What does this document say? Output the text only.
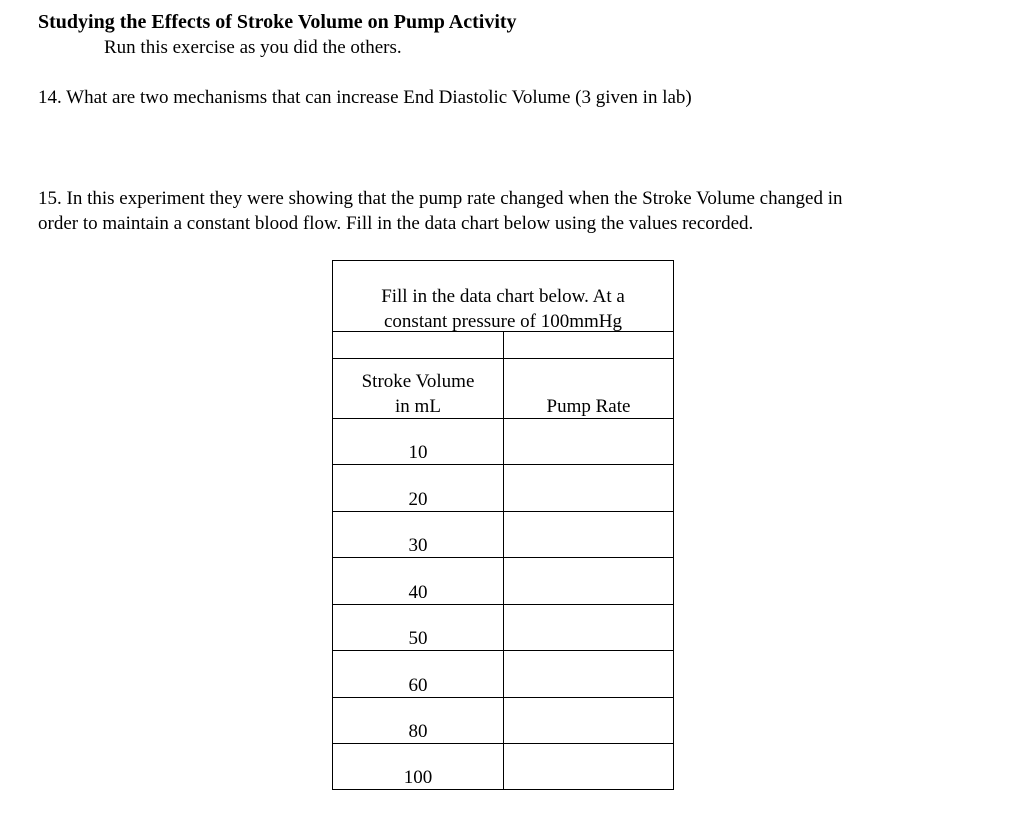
Studying the Effects of Stroke Volume on Pump Activity
Run this exercise as you did the others.
14. What are two mechanisms that can increase End Diastolic Volume (3 given in lab)

15. In this experiment they were showing that the pump rate changed when the Stroke Volume changed in

order to maintain a constant blood flow. Fill in the data chart below using the values recorded.

Fill in the data chart below. At a
constant pressure of 100mmHg
Stroke Volume
in mL	Pump Rate
10
20
30
40
50
60
80
100
